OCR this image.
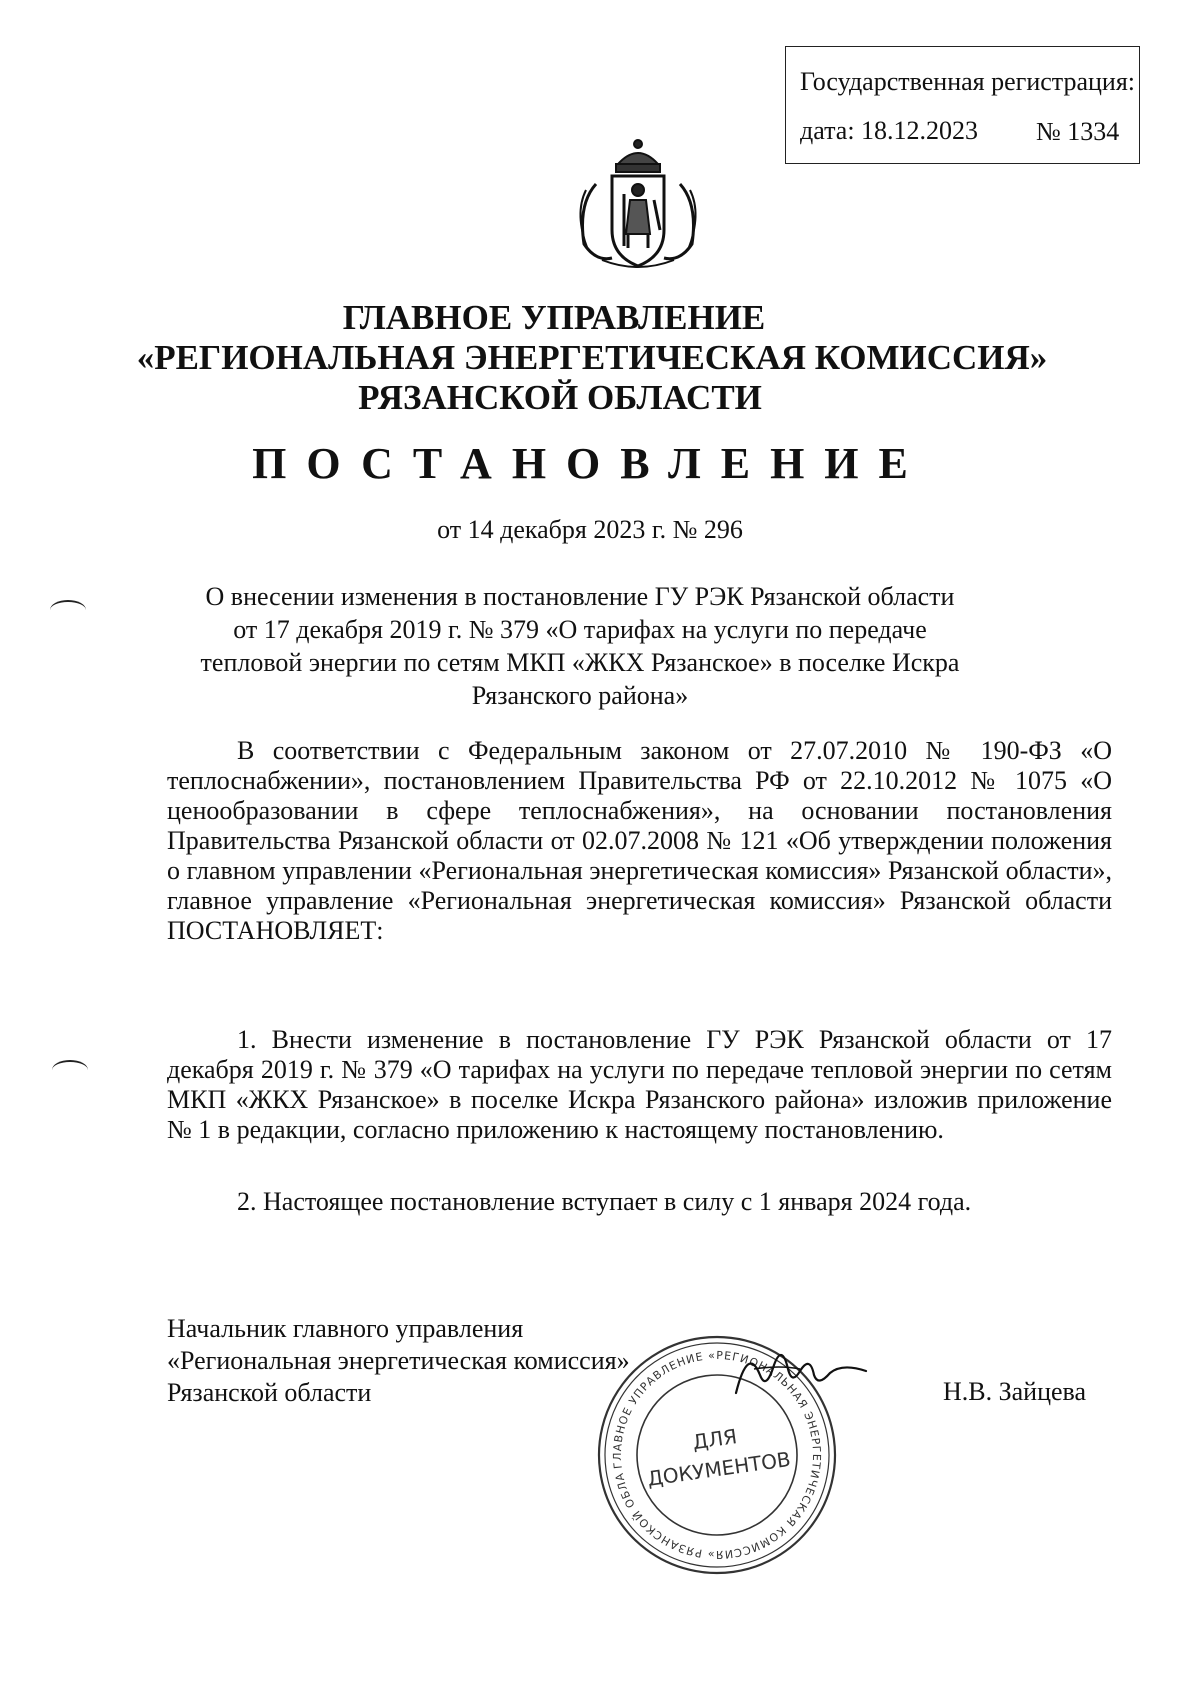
Государственная регистрация:
дата: 18.12.2023 № 1334
ГЛАВНОЕ УПРАВЛЕНИЕ
«РЕГИОНАЛЬНАЯ ЭНЕРГЕТИЧЕСКАЯ КОМИССИЯ»
РЯЗАНСКОЙ ОБЛАСТИ
ПОСТАНОВЛЕНИЕ
от 14 декабря 2023 г. № 296
О внесении изменения в постановление ГУ РЭК Рязанской области от 17 декабря 2019 г. № 379 «О тарифах на услуги по передаче тепловой энергии по сетям МКП «ЖКХ Рязанское» в поселке Искра Рязанского района»
В соответствии с Федеральным законом от 27.07.2010 № 190-ФЗ «О теплоснабжении», постановлением Правительства РФ от 22.10.2012 № 1075 «О ценообразовании в сфере теплоснабжения», на основании постановления Правительства Рязанской области от 02.07.2008 № 121 «Об утверждении положения о главном управлении «Региональная энергетическая комиссия» Рязанской области», главное управление «Региональная энергетическая комиссия» Рязанской области ПОСТАНОВЛЯЕТ:
1. Внести изменение в постановление ГУ РЭК Рязанской области от 17 декабря 2019 г. № 379 «О тарифах на услуги по передаче тепловой энергии по сетям МКП «ЖКХ Рязанское» в поселке Искра Рязанского района» изложив приложение № 1 в редакции, согласно приложению к настоящему постановлению.
2. Настоящее постановление вступает в силу с 1 января 2024 года.
Начальник главного управления
«Региональная энергетическая комиссия»
Рязанской области	Н.В. Зайцева
ГЛАВНОЕ УПРАВЛЕНИЕ «РЕГИОНАЛЬНАЯ ЭНЕРГЕТИЧЕСКАЯ КОМИССИЯ» РЯЗАНСКОЙ ОБЛАСТИ
ДЛЯ
ДОКУМЕНТОВ
